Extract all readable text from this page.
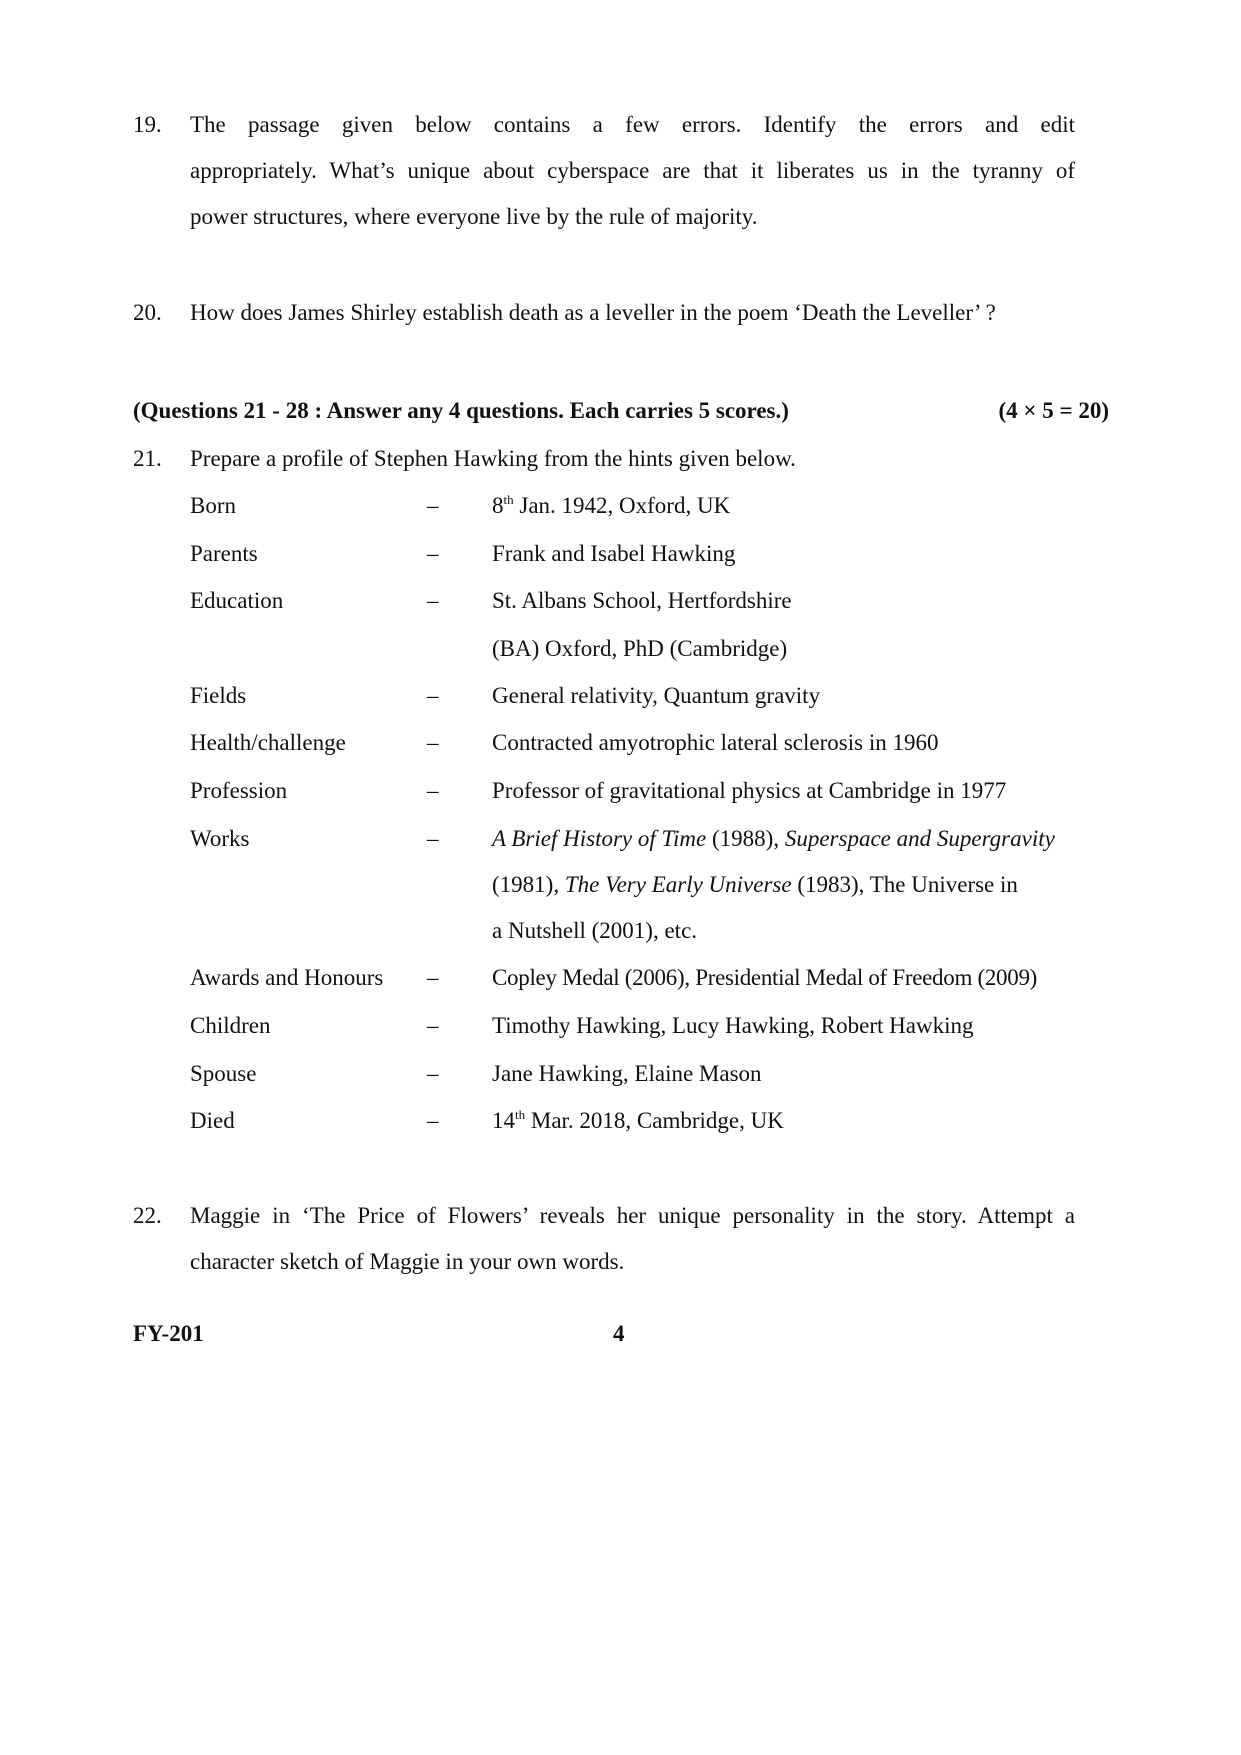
19. The passage given below contains a few errors. Identify the errors and edit
appropriately. What’s unique about cyberspace are that it liberates us in the tyranny of
power structures, where everyone live by the rule of majority.
20. How does James Shirley establish death as a leveller in the poem ‘Death the Leveller’ ?
(Questions 21 - 28 : Answer any 4 questions. Each carries 5 scores.)	(4 × 5 = 20)
21. Prepare a profile of Stephen Hawking from the hints given below.
Born	– 8th Jan. 1942, Oxford, UK
Parents	– Frank and Isabel Hawking
Education	– St. Albans School, Hertfordshire
(BA) Oxford, PhD (Cambridge)
Fields	– General relativity, Quantum gravity
Health/challenge	– Contracted amyotrophic lateral sclerosis in 1960
Profession	– Professor of gravitational physics at Cambridge in 1977
Works	– A Brief History of Time (1988), Superspace and Supergravity
(1981), The Very Early Universe (1983), The Universe in
a Nutshell (2001), etc.
Awards and Honours – Copley Medal (2006), Presidential Medal of Freedom (2009)
Children	– Timothy Hawking, Lucy Hawking, Robert Hawking
Spouse	– Jane Hawking, Elaine Mason
Died	– 14th Mar. 2018, Cambridge, UK
22. Maggie in ‘The Price of Flowers’ reveals her unique personality in the story. Attempt a
character sketch of Maggie in your own words.
FY-201	4
